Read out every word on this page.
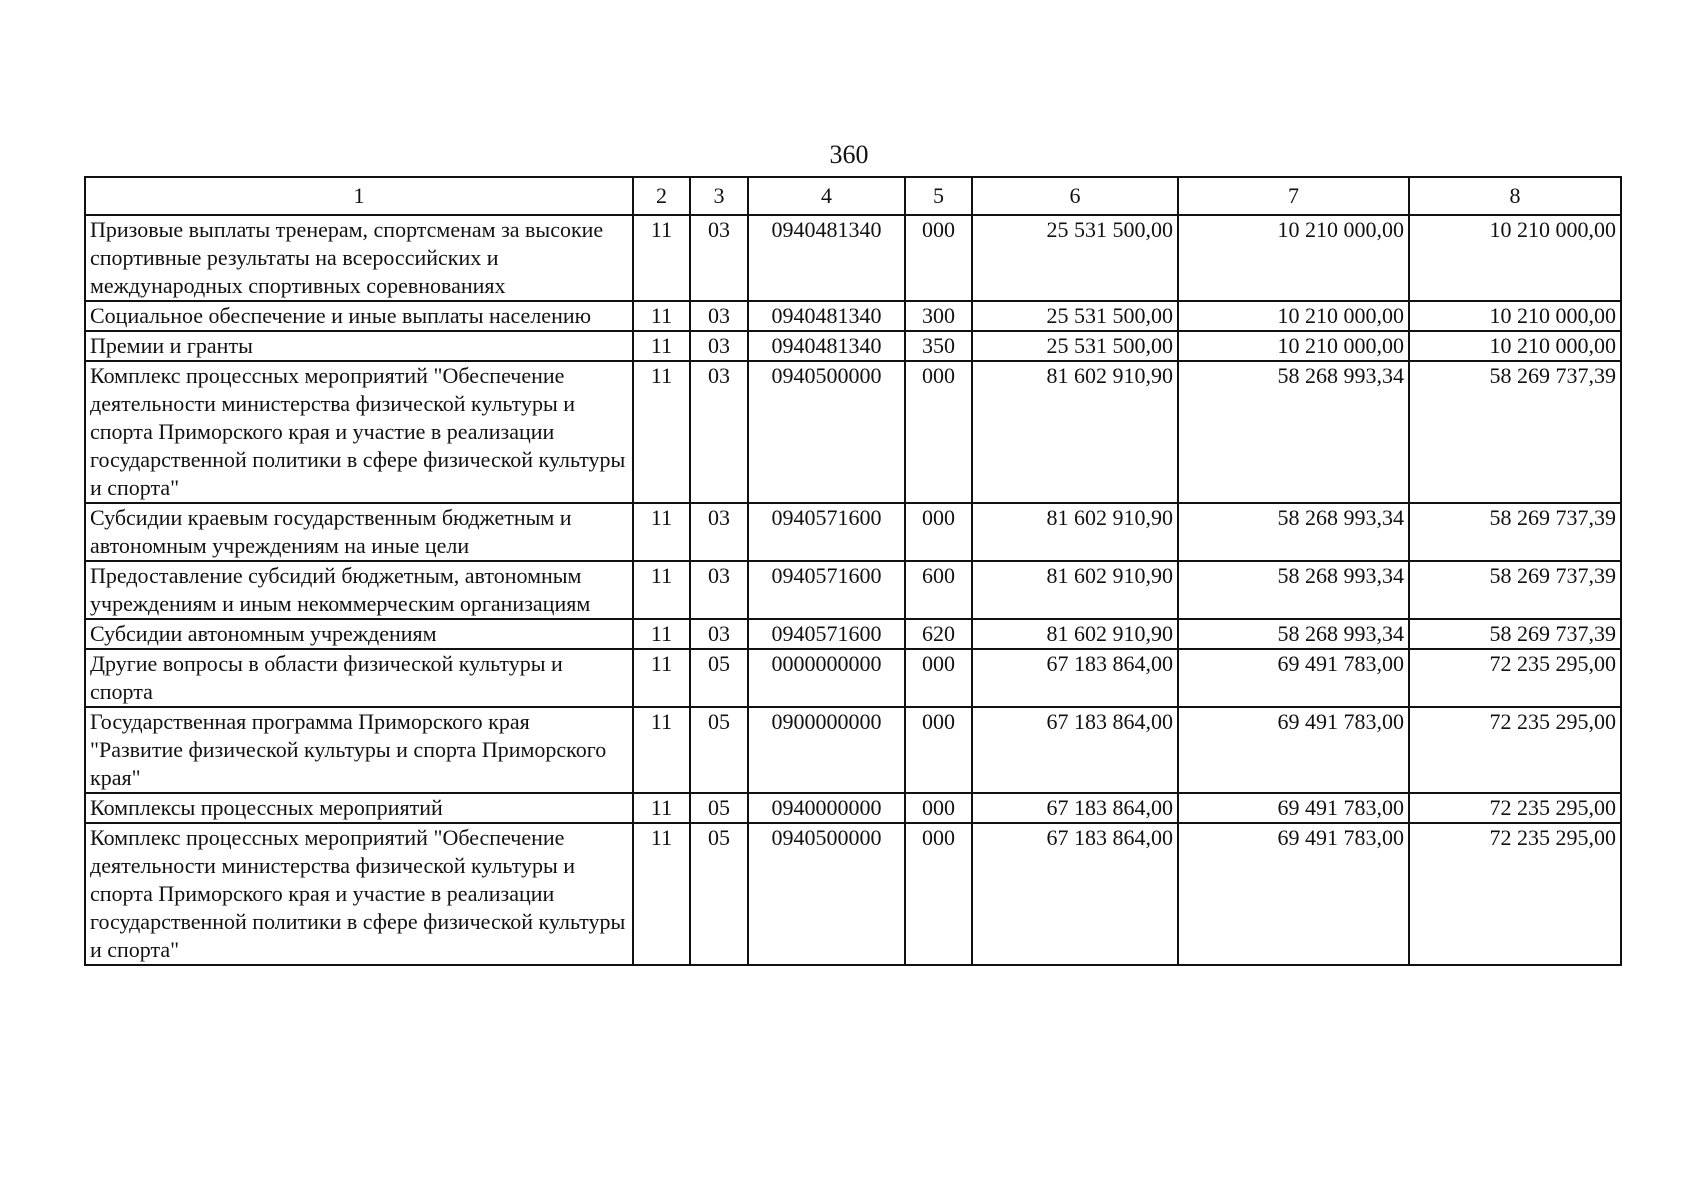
360
1	2	3	4	5	6	7	8
Призовые выплаты тренерам, спортсменам за высокие спортивные результаты на всероссийских и международных спортивных соревнованиях	11	03	0940481340	000	25 531 500,00	10 210 000,00	10 210 000,00
Социальное обеспечение и иные выплаты населению	11	03	0940481340	300	25 531 500,00	10 210 000,00	10 210 000,00
Премии и гранты	11	03	0940481340	350	25 531 500,00	10 210 000,00	10 210 000,00
Комплекс процессных мероприятий "Обеспечение деятельности министерства физической культуры и спорта Приморского края и участие в реализации государственной политики в сфере физической культуры и спорта"	11	03	0940500000	000	81 602 910,90	58 268 993,34	58 269 737,39
Субсидии краевым государственным бюджетным и автономным учреждениям на иные цели	11	03	0940571600	000	81 602 910,90	58 268 993,34	58 269 737,39
Предоставление субсидий бюджетным, автономным учреждениям и иным некоммерческим организациям	11	03	0940571600	600	81 602 910,90	58 268 993,34	58 269 737,39
Субсидии автономным учреждениям	11	03	0940571600	620	81 602 910,90	58 268 993,34	58 269 737,39
Другие вопросы в области физической культуры и спорта	11	05	0000000000	000	67 183 864,00	69 491 783,00	72 235 295,00
Государственная программа Приморского края "Развитие физической культуры и спорта Приморского края"	11	05	0900000000	000	67 183 864,00	69 491 783,00	72 235 295,00
Комплексы процессных мероприятий	11	05	0940000000	000	67 183 864,00	69 491 783,00	72 235 295,00
Комплекс процессных мероприятий "Обеспечение деятельности министерства физической культуры и спорта Приморского края и участие в реализации государственной политики в сфере физической культуры и спорта"	11	05	0940500000	000	67 183 864,00	69 491 783,00	72 235 295,00
